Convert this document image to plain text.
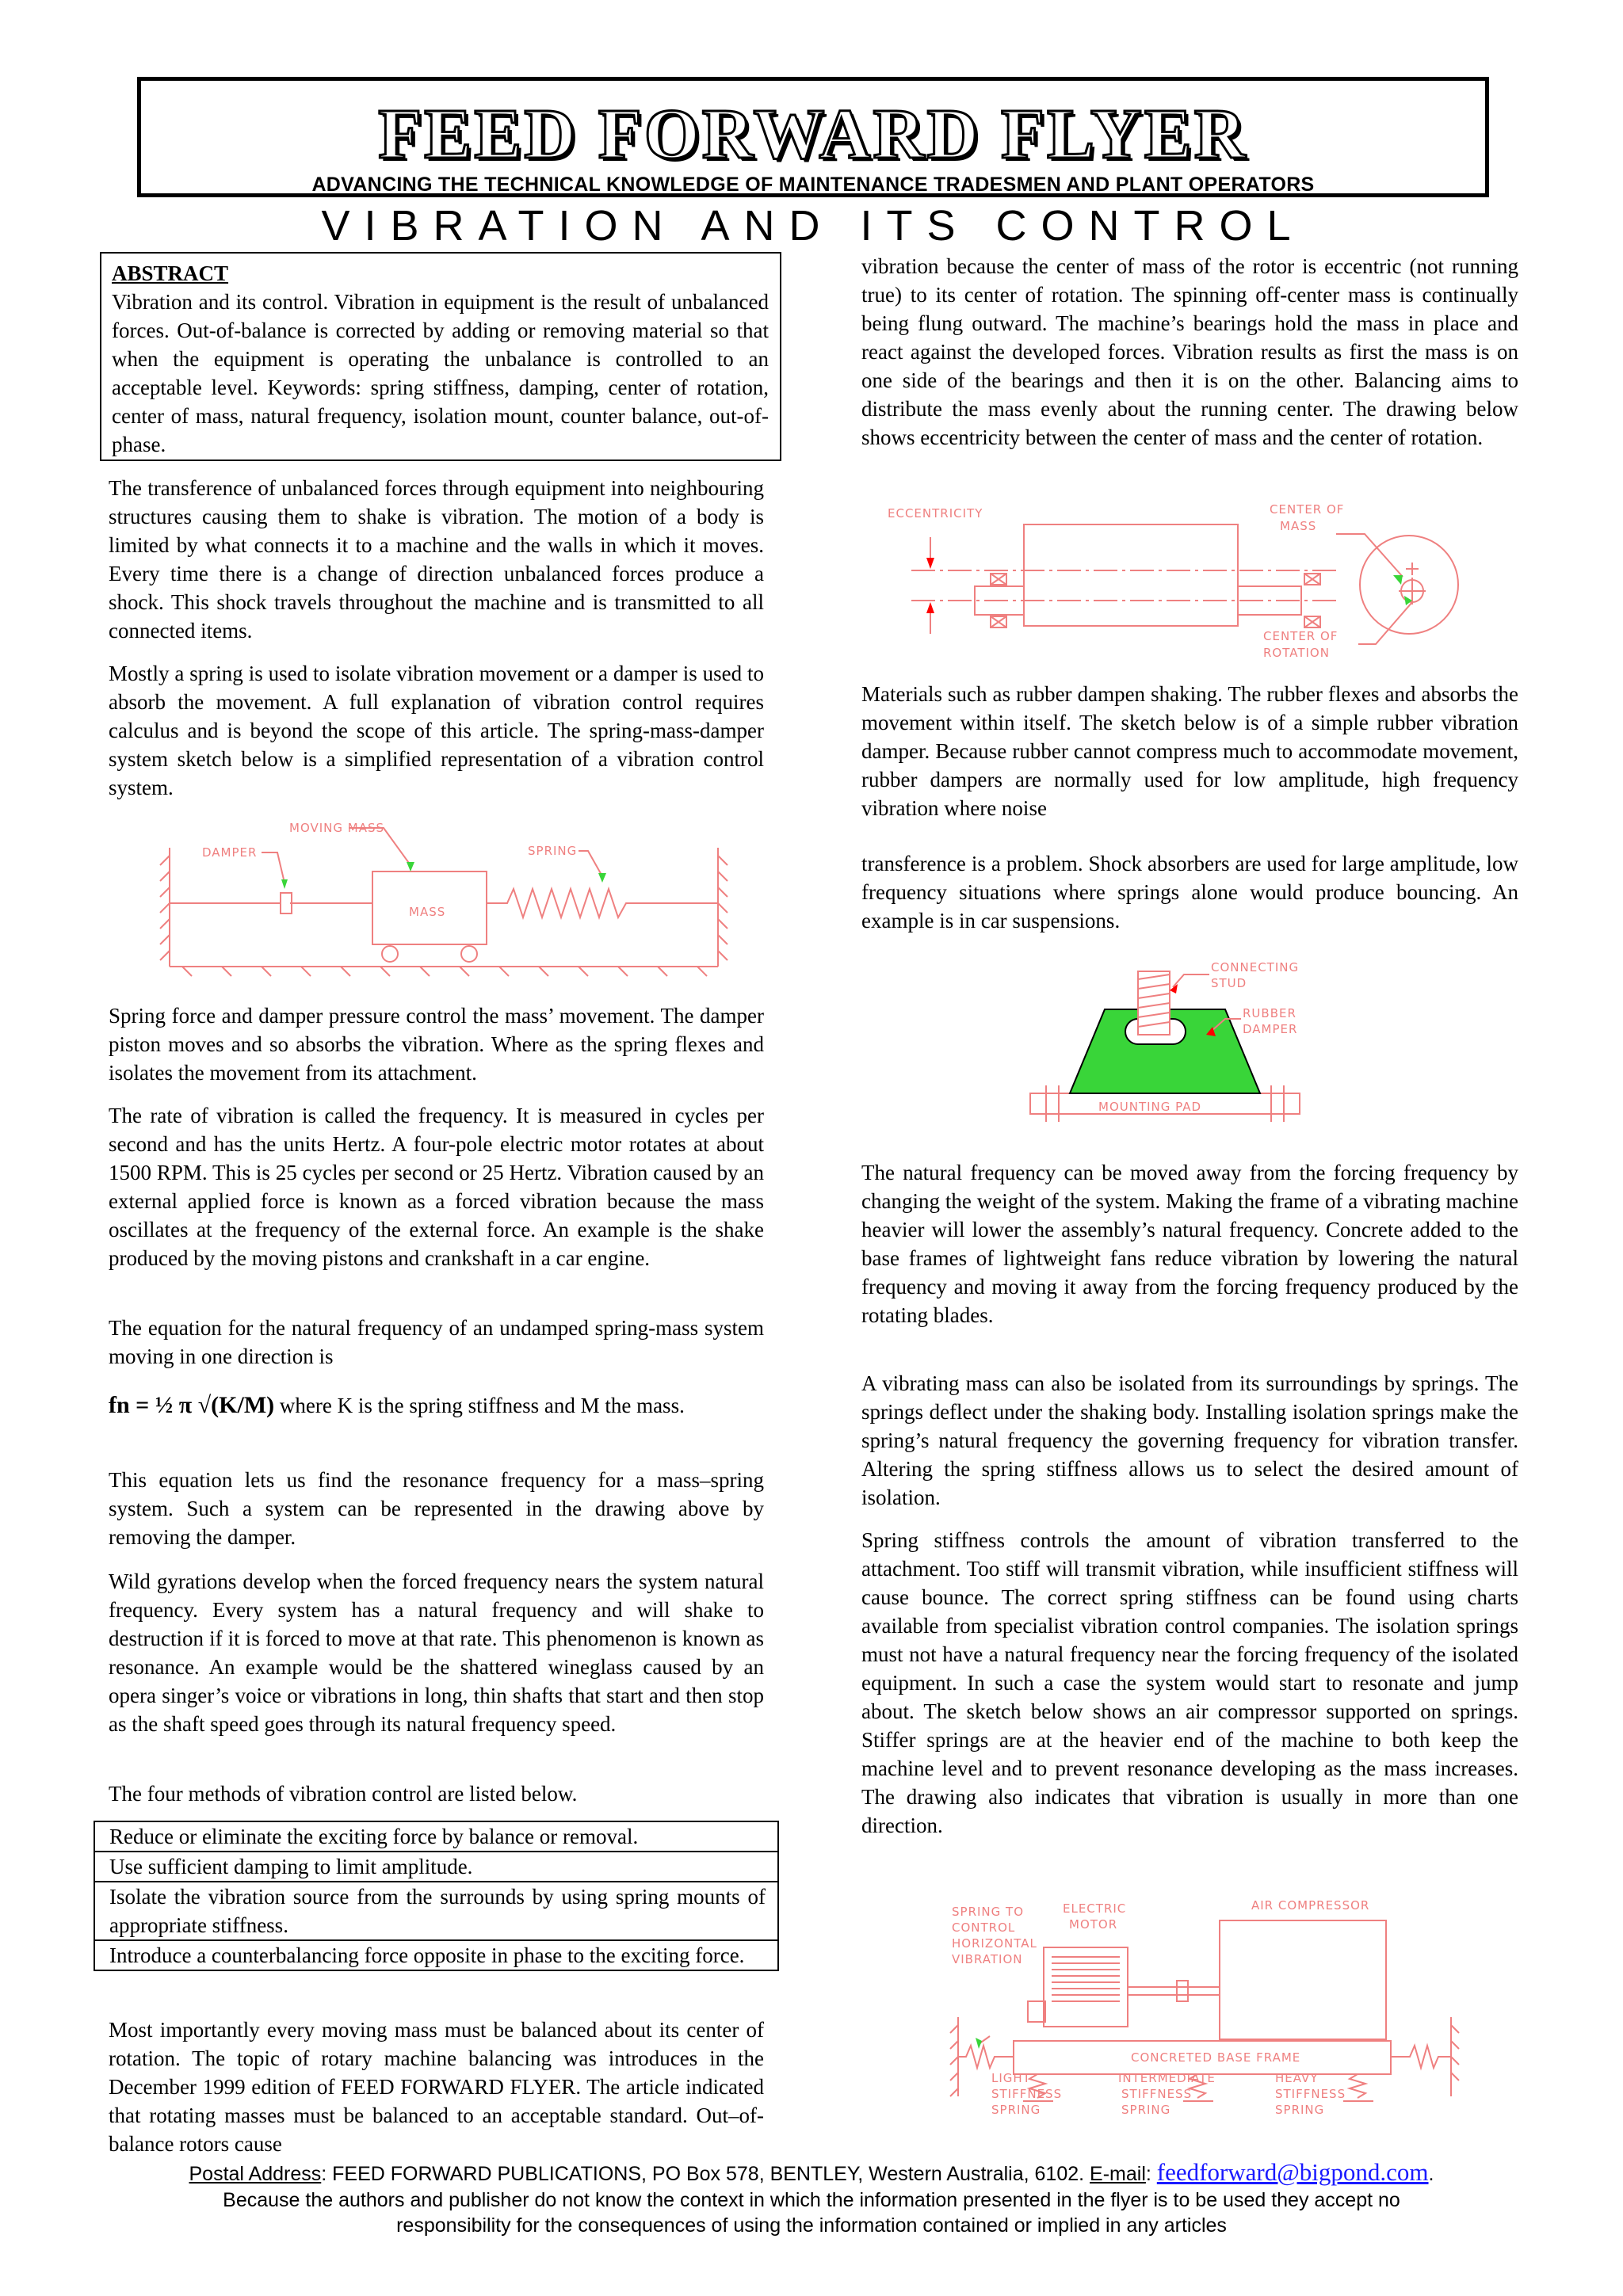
FEED FORWARD FLYER
ADVANCING THE TECHNICAL KNOWLEDGE OF MAINTENANCE TRADESMEN AND PLANT OPERATORS
VIBRATION AND ITS CONTROL

ABSTRACT

Vibration and its control. Vibration in equipment is the result of unbalanced forces. Out-of-balance is corrected by adding or removing material so that when the equipment is operating the unbalance is controlled to an acceptable level. Keywords: spring stiffness, damping, center of rotation, center of mass, natural frequency, isolation mount, counter balance, out-of-phase.

The transference of unbalanced forces through equipment into neighbouring structures causing them to shake is vibration. The motion of a body is limited by what connects it to a machine and the walls in which it moves. Every time there is a change of direction unbalanced forces produce a shock. This shock travels throughout the machine and is transmitted to all connected items.
Mostly a spring is used to isolate vibration movement or a damper is used to absorb the movement. A full explanation of vibration control requires calculus and is beyond the scope of this article. The spring-mass-damper system sketch below is a simplified representation of a vibration control system.
DAMPER
MOVING MASS
SPRING
MASS
Spring force and damper pressure control the mass’ movement. The damper piston moves and so absorbs the vibration. Where as the spring flexes and isolates the movement from its attachment.
The rate of vibration is called the frequency. It is measured in cycles per second and has the units Hertz. A four-pole electric motor rotates at about 1500 RPM. This is 25 cycles per second or 25 Hertz. Vibration caused by an external applied force is known as a forced vibration because the mass oscillates at the frequency of the external force. An example is the shake produced by the moving pistons and crankshaft in a car engine.
The equation for the natural frequency of an undamped spring-mass system moving in one direction is
fn = ½ π √(K/M) where K is the spring stiffness and M the mass.
This equation lets us find the resonance frequency for a mass–spring system. Such a system can be represented in the drawing above by removing the damper.
Wild gyrations develop when the forced frequency nears the system natural frequency. Every system has a natural frequency and will shake to destruction if it is forced to move at that rate. This phenomenon is known as resonance. An example would be the shattered wineglass caused by an opera singer’s voice or vibrations in long, thin shafts that start and then stop as the shaft speed goes through its natural frequency speed.
The four methods of vibration control are listed below.
Reduce or eliminate the exciting force by balance or removal.
Use sufficient damping to limit amplitude.
Isolate the vibration source from the surrounds by using spring mounts of appropriate stiffness.
Introduce a counterbalancing force opposite in phase to the exciting force.
Most importantly every moving mass must be balanced about its center of rotation. The topic of rotary machine balancing was introduces in the December 1999 edition of FEED FORWARD FLYER. The article indicated that rotating masses must be balanced to an acceptable standard. Out–of-balance rotors cause
vibration because the center of mass of the rotor is eccentric (not running true) to its center of rotation. The spinning off-center mass is continually being flung outward. The machine’s bearings hold the mass in place and react against the developed forces. Vibration results as first the mass is on one side of the bearings and then it is on the other. Balancing aims to distribute the mass evenly about the running center. The drawing below shows eccentricity between the center of mass and the center of rotation.
ECCENTRICITY	CENTER OF
MASS
CENTER OF
ROTATION
Materials such as rubber dampen shaking. The rubber flexes and absorbs the movement within itself. The sketch below is of a simple rubber vibration damper. Because rubber cannot compress much to accommodate movement, rubber dampers are normally used for low amplitude, high frequency vibration where noise
transference is a problem. Shock absorbers are used for large amplitude, low frequency situations where springs alone would produce bouncing. An example is in car suspensions.
CONNECTING
STUD
RUBBER
DAMPER
MOUNTING PAD
The natural frequency can be moved away from the forcing frequency by changing the weight of the system. Making the frame of a vibrating machine heavier will lower the assembly’s natural frequency. Concrete added to the base frames of lightweight fans reduce vibration by lowering the natural frequency and moving it away from the forcing frequency produced by the rotating blades.
A vibrating mass can also be isolated from its surroundings by springs. The springs deflect under the shaking body. Installing isolation springs make the spring’s natural frequency the governing frequency for vibration transfer. Altering the spring stiffness allows us to select the desired amount of isolation.
Spring stiffness controls the amount of vibration transferred to the attachment. Too stiff will transmit vibration, while insufficient stiffness will cause bounce. The correct spring stiffness can be found using charts available from specialist vibration control companies. The isolation springs must not have a natural frequency near the forcing frequency of the isolated equipment. In such a case the system would start to resonate and jump about. The sketch below shows an air compressor supported on springs. Stiffer springs are at the heavier end of the machine to both keep the machine level and to prevent resonance developing as the mass increases. The drawing also indicates that vibration is usually in more than one direction.
SPRING TO
CONTROL
HORIZONTAL
VIBRATION
ELECTRIC
MOTOR
AIR COMPRESSOR
CONCRETED BASE FRAME
LIGHT
STIFFNESS
SPRING
INTERMEDIATE
STIFFNESS
SPRING
HEAVY
STIFFNESS
SPRING
Postal Address: FEED FORWARD PUBLICATIONS, PO Box 578, BENTLEY, Western Australia, 6102. E-mail: feedforward@bigpond.com.
Because the authors and publisher do not know the context in which the information presented in the flyer is to be used they accept no
responsibility for the consequences of using the information contained or implied in any articles
